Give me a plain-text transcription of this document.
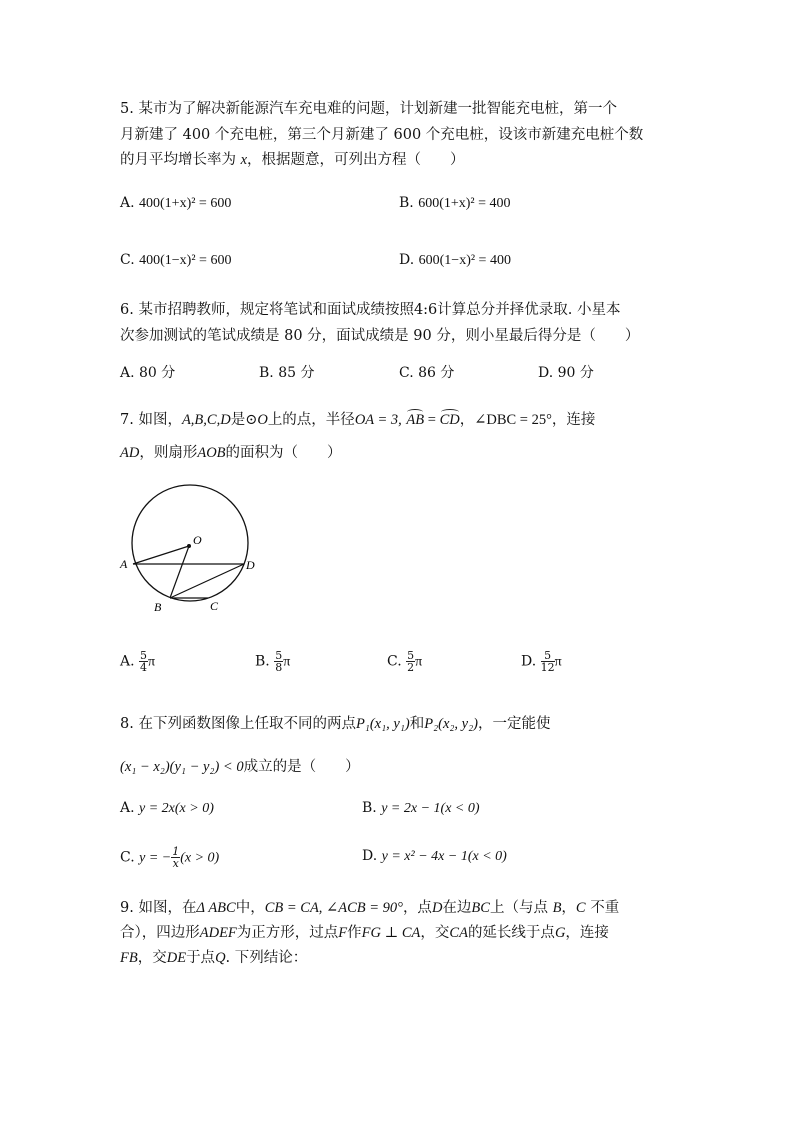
5. 某市为了解决新能源汽车充电难的问题，计划新建一批智能充电桩，第一个
月新建了 400 个充电桩，第三个月新建了 600 个充电桩，设该市新建充电桩个数
的月平均增长率为 x，根据题意，可列出方程（　　）
A. 400(1+x)² = 600	B. 600(1+x)² = 400
C. 400(1−x)² = 600	D. 600(1−x)² = 400
6. 某市招聘教师，规定将笔试和面试成绩按照4:6计算总分并择优录取. 小星本
次参加测试的笔试成绩是 80 分，面试成绩是 90 分，则小星最后得分是（　　）
A. 80 分	B. 85 分	C. 86 分	D. 90 分
7. 如图，A,B,C,D是⊙O上的点，半径OA = 3, AB = CD，∠DBC = 25°，连接
AD，则扇形AOB的面积为（　　）
O
A	D
B	C
A. $\frac{5}{4}$ π	B. $\frac{5}{8}$ π	C. $\frac{5}{2}$ π	D. $\frac{5}{12}$ π
8. 在下列函数图像上任取不同的两点P₁(x₁, y₁)和P₂(x₂, y₂)，一定能使
(x₁ − x₂)(y₁ − y₂) < 0成立的是（　　）
A. y = 2x(x > 0)	B. y = 2x − 1(x < 0)
C. y = − $\frac{1}{x} (x > 0)$	D. y = x² − 4x − 1(x < 0)
9. 如图，在Δ ABC中，CB = CA, ∠ACB = 90°，点D在边BC上（与点 B，C 不重
合），四边形ADEF为正方形，过点F作FG ⊥ CA，交CA的延长线于点G，连接
FB，交DE于点Q. 下列结论：
